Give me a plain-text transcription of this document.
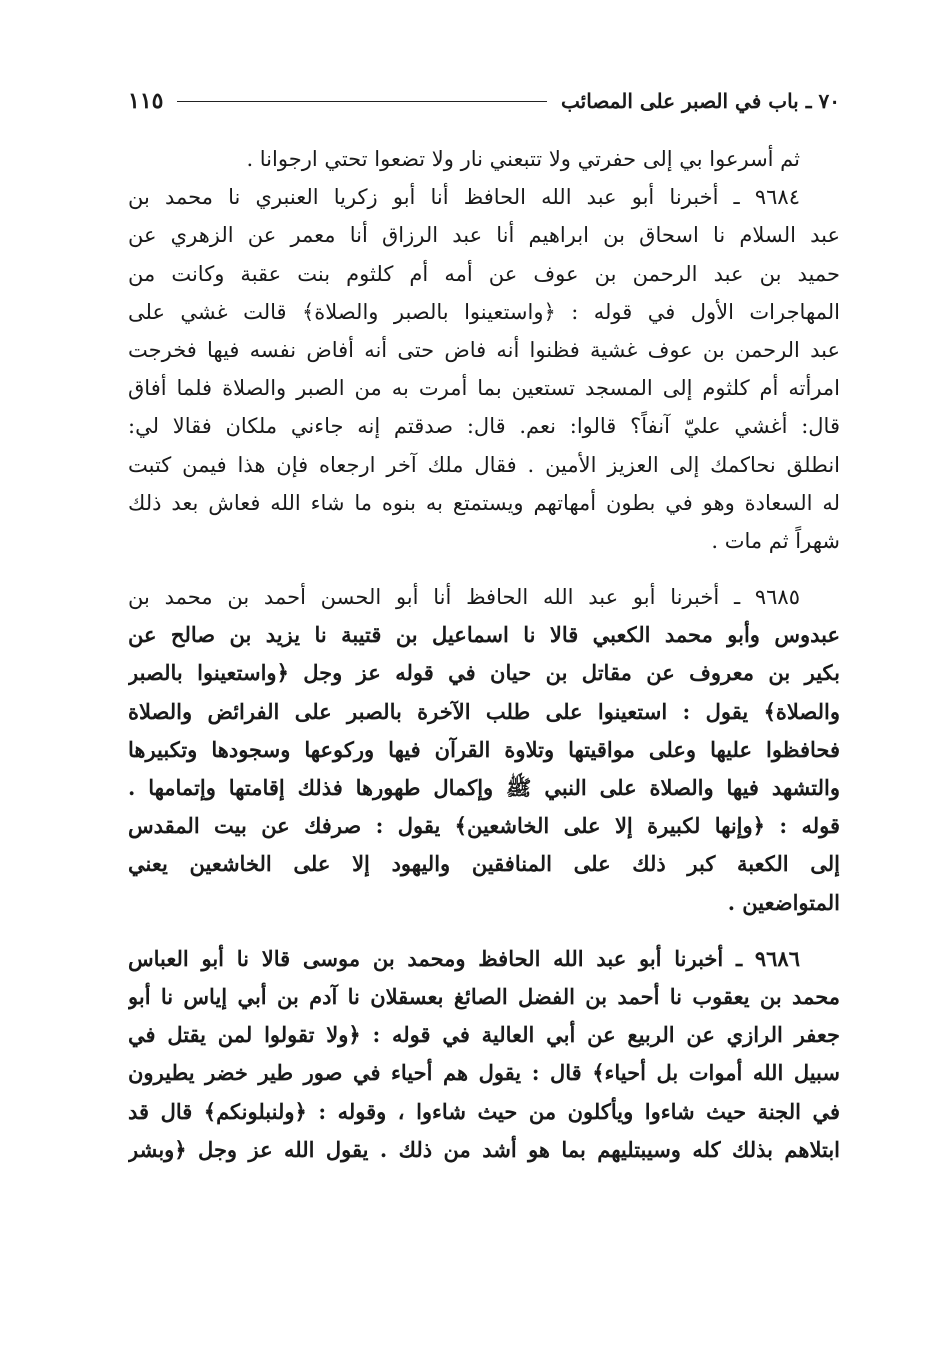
٧٠ ـ باب في الصبر على المصائب
١١٥
ثم أسرعوا بي إلى حفرتي ولا تتبعني نار ولا تضعوا تحتي ارجوانا .
٩٦٨٤ ـ أخبرنا أبو عبد الله الحافظ أنا أبو زكريا العنبري نا محمد بن
عبد السلام نا اسحاق بن ابراهيم أنا عبد الرزاق أنا معمر عن الزهري عن
حميد بن عبد الرحمن بن عوف عن أمه أم كلثوم بنت عقبة وكانت من
المهاجرات الأول في قوله : ﴿واستعينوا بالصبر والصلاة﴾ قالت غشي على
عبد الرحمن بن عوف غشية فظنوا أنه فاض حتى أنه أفاض نفسه فيها فخرجت
امرأته أم كلثوم إلى المسجد تستعين بما أمرت به من الصبر والصلاة فلما أفاق
قال: أغشي عليّ آنفاً؟ قالوا: نعم. قال: صدقتم إنه جاءني ملكان فقالا لي:
انطلق نحاكمك إلى العزيز الأمين . فقال ملك آخر ارجعاه فإن هذا فيمن كتبت
له السعادة وهو في بطون أمهاتهم ويستمتع به بنوه ما شاء الله فعاش بعد ذلك
شهراً ثم مات .
٩٦٨٥ ـ أخبرنا أبو عبد الله الحافظ أنا أبو الحسن أحمد بن محمد بن
عبدوس وأبو محمد الكعبي قالا نا اسماعيل بن قتيبة نا يزيد بن صالح عن
بكير بن معروف عن مقاتل بن حيان في قوله عز وجل ﴿واستعينوا بالصبر
والصلاة﴾ يقول : استعينوا على طلب الآخرة بالصبر على الفرائض والصلاة
فحافظوا عليها وعلى مواقيتها وتلاوة القرآن فيها وركوعها وسجودها وتكبيرها
والتشهد فيها والصلاة على النبي ﷺ وإكمال طهورها فذلك إقامتها وإتمامها .
قوله : ﴿وإنها لكبيرة إلا على الخاشعين﴾ يقول : صرفك عن بيت المقدس
إلى الكعبة كبر ذلك على المنافقين واليهود إلا على الخاشعين يعني
المتواضعين .
٩٦٨٦ ـ أخبرنا أبو عبد الله الحافظ ومحمد بن موسى قالا نا أبو العباس
محمد بن يعقوب نا أحمد بن الفضل الصائغ بعسقلان نا آدم بن أبي إياس نا أبو
جعفر الرازي عن الربيع عن أبي العالية في قوله : ﴿ولا تقولوا لمن يقتل في
سبيل الله أموات بل أحياء﴾ قال : يقول هم أحياء في صور طير خضر يطيرون
في الجنة حيث شاءوا ويأكلون من حيث شاءوا ، وقوله : ﴿ولنبلونكم﴾ قال قد
ابتلاهم بذلك كله وسيبتليهم بما هو أشد من ذلك . يقول الله عز وجل ﴿وبشر
